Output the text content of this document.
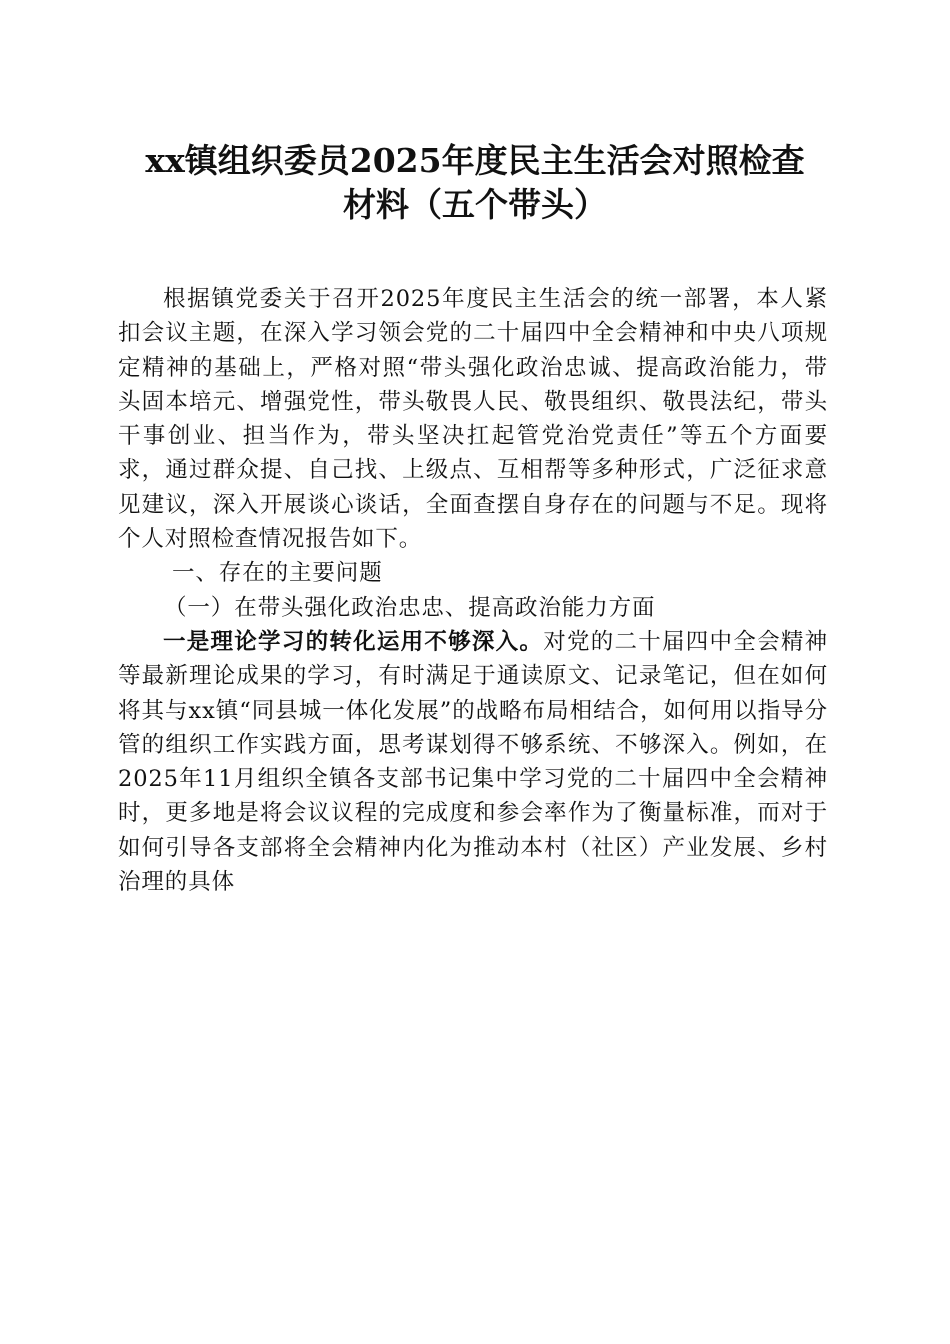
xx镇组织委员2025年度民主生活会对照检查
材料（五个带头）

根据镇党委关于召开2025年度民主生活会的统一部署，本人紧扣会议主题，在深入学习领会党的二十届四中全会精神和中央八项规定精神的基础上，严格对照“带头强化政治忠诚、提高政治能力，带头固本培元、增强党性，带头敬畏人民、敬畏组织、敬畏法纪，带头干事创业、担当作为，带头坚决扛起管党治党责任”等五个方面要求，通过群众提、自己找、上级点、互相帮等多种形式，广泛征求意见建议，深入开展谈心谈话，全面查摆自身存在的问题与不足。现将个人对照检查情况报告如下。

一、存在的主要问题
（一）在带头强化政治忠忠、提高政治能力方面

一是理论学习的转化运用不够深入。对党的二十届四中全会精神等最新理论成果的学习，有时满足于通读原文、记录笔记，但在如何将其与xx镇“同县城一体化发展”的战略布局相结合，如何用以指导分管的组织工作实践方面，思考谋划得不够系统、不够深入。例如，在2025年11月组织全镇各支部书记集中学习党的二十届四中全会精神时，更多地是将会议议程的完成度和参会率作为了衡量标准，而对于如何引导各支部将全会精神内化为推动本村（社区）产业发展、乡村治理的具体
